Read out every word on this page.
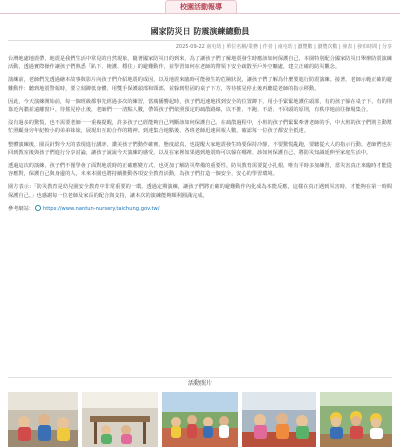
校園活動報導
國家防災日 防震演練總動員
2025-09-22 南屯幼 | 單位名稱/業務 | 作者 | 南屯幼 | 瀏覽數 | 瀏覽次數 | 發表 | 發布時間 | 分享

台灣地處地震帶，地震是我們生活中常見的自然現象。隨著國家防災日的到來，為了讓孩子們了解地震發生時應該如何保護自己，本園特別配合國家防災日舉辦防震演練活動，透過實際操作讓孩子們熟悉「趴下、掩護、穩住」的避難動作，並學習如何在老師的帶領下安全疏散至戶外空曠處，建立正確的防災觀念。

演練前，老師們先透過繪本故事與影片向孩子們介紹地震的成因，以及地震來臨時可能發生的危險狀況，讓孩子們了解為什麼要進行防震演練。接著，老師示範正確的避難動作：聽到地震警報時，要立刻蹲低身體、用雙手保護頭部和頸部，並躲到堅固的桌子下方，等待搖晃停止後再聽從老師的指示移動。

因此，今天演練開始前，每一個班級都事先經過多次的練習，當廣播響起時，孩子們迅速地找到安全的位置蹲下，用小手緊緊地護住頭部，有的孩子躲在桌子下，有的則靠近內牆並遠離窗戶。待搖晃停止後，老師們一一清點人數，帶領孩子們依照預定的疏散路線，以不推、不跑、不語、不回頭的原則，有秩序地前往操場集合。

沒有過多的驚慌，也不需要老師一一重複提醒，許多孩子已經能夠自己判斷該如何保護自己。在疏散過程中，小班的孩子們緊緊牽著老師的手，中大班的孩子們則主動幫忙照顧身旁年紀較小的弟弟妹妹，展現出互助合作的精神。到達集合地點後，各班老師迅速回報人數，確認每一位孩子都安全抵達。

整體演練後，園長針對今天的表現進行講評，讚美孩子們動作確實、態度認真，也提醒大家地震發生時要保持冷靜，不要驚慌亂跑，要聽從大人的指示行動。老師們也在回到教室後與孩子們進行分享討論，讓孩子說說今天演練的感受，以及在家裡如果遇到地震時可以躲在哪裡、該如何保護自己，將防災知識延伸至家庭生活中。

透過這次的演練，孩子們不僅學會了面對地震時的正確應變方式，也更加了解防災準備的重要性。防災教育需要從小扎根，唯有平時多加練習，當災害真正來臨時才能從容應對，保護自己與身邊的人。未來本園也將持續推動各項安全教育活動，為孩子們打造一個安全、安心的學習環境。

園方表示：「防災教育是幼兒園安全教育中非常重要的一環。透過定期演練，讓孩子們將正確的避難動作內化成為本能反應，這樣在真正遇到災害時，才能夠在第一時間保護自己。」也感謝每一位老師及家長的配合與支持，讓本次的演練能夠順利圓滿完成。

參考網站： https://www.nantun-nursery.taichung.gov.tw/
活動照片
